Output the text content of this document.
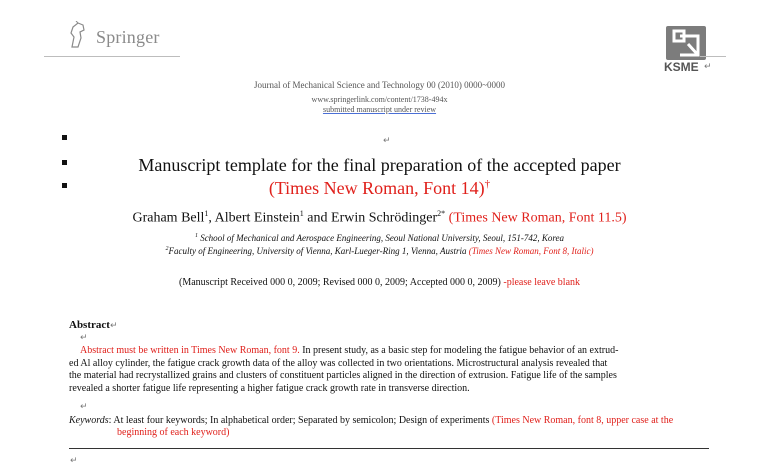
Springer
KSME ↵
Journal of Mechanical Science and Technology 00 (2010) 0000~0000
www.springerlink.com/content/1738-494x
submitted manuscript under review
↵
Manuscript template for the final preparation of the accepted paper
(Times New Roman, Font 14)†
Graham Bell$^1$, Albert Einstein$^1$ and Erwin Schrödinger$^{2*}$ (Times New Roman, Font 11.5)
$^1$ School of Mechanical and Aerospace Engineering, Seoul National University, Seoul, 151-742, Korea
$^2$Faculty of Engineering, University of Vienna, Karl-Lueger-Ring 1, Vienna, Austria (Times New Roman, Font 8, Italic)
(Manuscript Received 000 0, 2009; Revised 000 0, 2009; Accepted 000 0, 2009) -please leave blank
Abstract↵
↵
Abstract must be written in Times New Roman, font 9. In present study, as a basic step for modeling the fatigue behavior of an extrud-
ed Al alloy cylinder, the fatigue crack growth data of the alloy was collected in two orientations. Microstructural analysis revealed that
the material had recrystallized grains and clusters of constituent particles aligned in the direction of extrusion. Fatigue life of the samples
revealed a shorter fatigue life representing a higher fatigue crack growth rate in transverse direction.
↵
Keywords: At least four keywords; In alphabetical order; Separated by semicolon; Design of experiments (Times New Roman, font 8, upper case at the
beginning of each keyword)
↵
